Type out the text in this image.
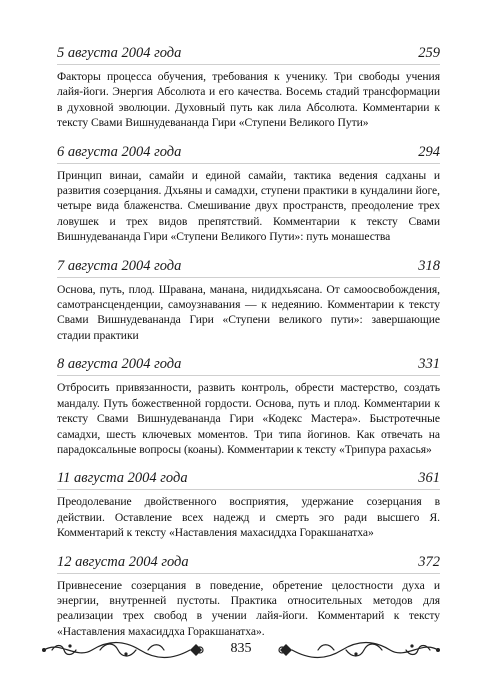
5 августа 2004 года	259

Факторы процесса обучения, требования к ученику. Три свободы учения лайя-йоги. Энергия Абсолюта и его качества. Восемь стадий трансформации в духовной эволюции. Духовный путь как лила Абсолюта. Комментарии к тексту Свами Вишнудевананда Гири «Ступени Великого Пути»

6 августа 2004 года	294

Принцип винаи, самайи и единой самайи, тактика ведения садханы и развития созерцания. Дхьяны и самадхи, ступени практики в кундалини йоге, четыре вида блаженства. Смешивание двух пространств, преодоление трех ловушек и трех видов препятствий. Комментарии к тексту Свами Вишнудевананда Гири «Ступени Великого Пути»: путь монашества

7 августа 2004 года	318

Основа, путь, плод. Шравана, манана, нидидхьясана. От самоосвобождения, самотрансценденции, самоузнавания — к недеянию. Комментарии к тексту Свами Вишнудевананда Гири «Ступени великого пути»: завершающие стадии практики

8 августа 2004 года	331

Отбросить привязанности, развить контроль, обрести мастерство, создать мандалу. Путь божественной гордости. Основа, путь и плод. Комментарии к тексту Свами Вишнудевананда Гири «Кодекс Мастера». Быстротечные самадхи, шесть ключевых моментов. Три типа йогинов. Как отвечать на парадоксальные вопросы (коаны). Комментарии к тексту «Трипура рахасья»

11 августа 2004 года	361

Преодолевание двойственного восприятия, удержание созерцания в действии. Оставление всех надежд и смерть эго ради высшего Я. Комментарий к тексту «Наставления махасиддха Горакшанатха»

12 августа 2004 года	372

Привнесение созерцания в поведение, обретение целостности духа и энергии, внутренней пустоты. Практика относительных методов для реализации трех свобод в учении лайя-йоги. Комментарий к тексту «Наставления махасиддха Горакшанатха».

835
